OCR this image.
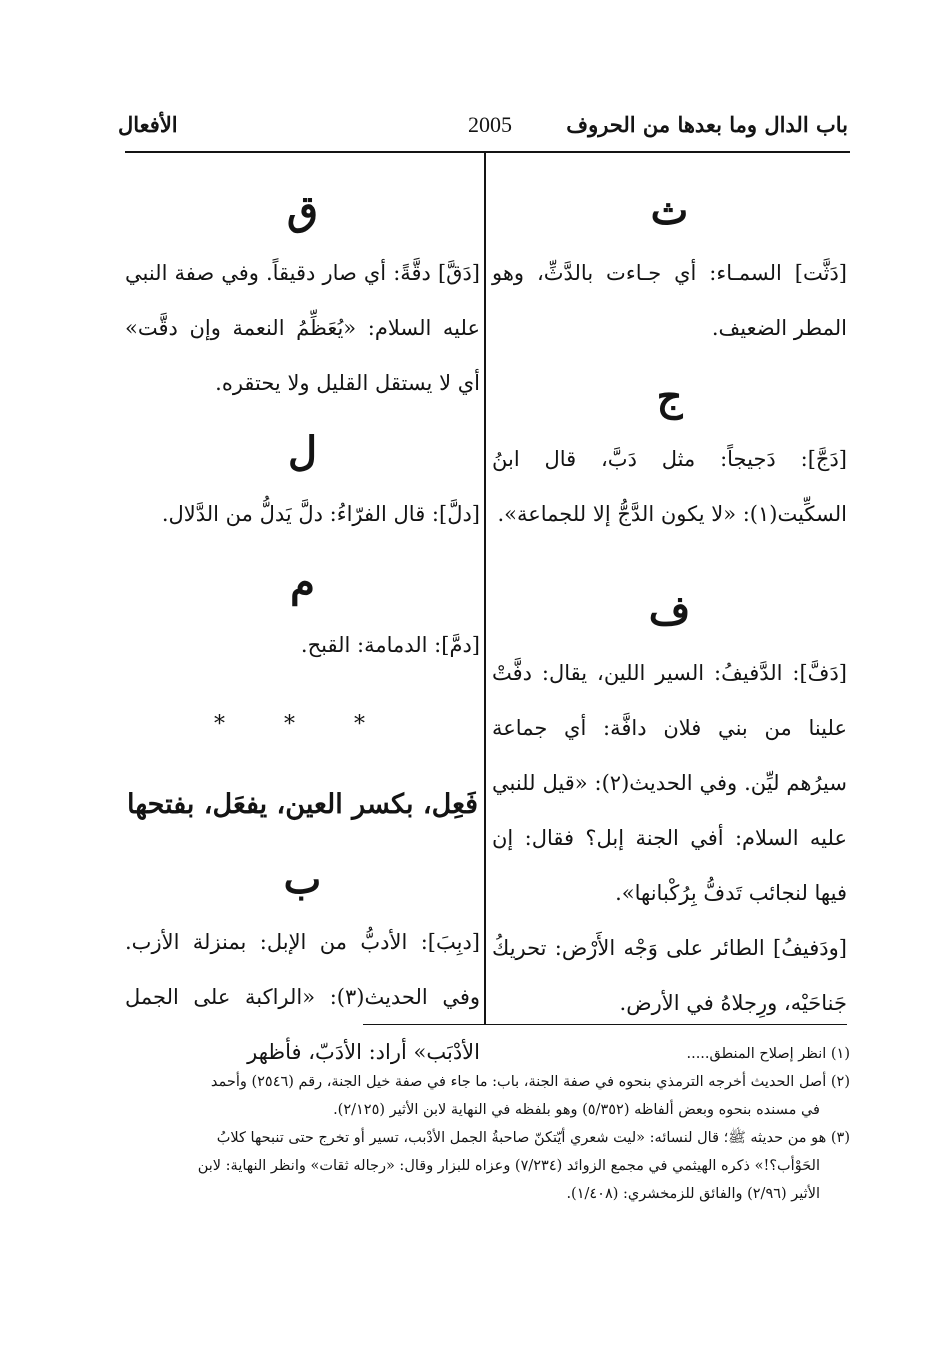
باب الدال وما بعدها من الحروف
2005
الأفعال
ث

[دَثَّت] السمـاء: أي جـاءت بالدَّثِّ، وهو المطر الضعيف.

ج

[دَجَّ]: دَجيجاً: مثل دَبَّ، قال ابنُ السكِّيت(١): «لا يكون الدَّجُّ إلا للجماعة».

ف

[دَفَّ]: الدَّفيفُ: السير اللين، يقال: دفَّتْ علينا من بني فلان دافَّة: أي جماعة سيرُهم ليِّن. وفي الحديث(٢): «قيل للنبي عليه السلام: أفي الجنة إبل؟ فقال: إن فيها لنجائب تَدفُّ بِرُكْبانها».

[ودَفيفُ] الطائر على وَجْه الأَرْض: تحريكُ جَناحَيْه، ورِجلاهُ في الأرض.

ق

[دَقَّ] دقَّةً: أي صار دقيقاً. وفي صفة النبي عليه السلام: «يُعَظِّمُ النعمة وإن دقَّت» أي لا يستقل القليل ولا يحتقره.

ل

[دلَّ]: قال الفرّاءُ: دلَّ يَدلُّ من الدَّلال.

م

[دمَّ]: الدمامة: القبح.

* * *
فَعِل، بكسر العين، يفعَل، بفتحها
ب

[دبِبَ]: الأدبُّ من الإبل: بمنزلة الأزب. وفي الحديث(٣): «الراكبة على الجمل الأدْبَب» أراد: الأدَبّ، فأظهر	(١) انظر إصلاح المنطق.....

(٢) أصل الحديث أخرجه الترمذي بنحوه في صفة الجنة، باب: ما جاء في صفة خيل الجنة، رقم (٢٥٤٦) وأحمد

في مسنده بنحوه وبعض ألفاظه (٥/٣٥٢) وهو بلفظه في النهاية لابن الأثير (٢/١٢٥).

(٣) هو من حديثه ﷺ؛ قال لنسائه: «ليت شعري أيّتكنّ صاحبةُ الجمل الأدْبب، تسير أو تخرج حتى تنبحها كلابُ

الحَوْأب؟!» ذكره الهيثمي في مجمع الزوائد (٧/٢٣٤) وعزاه للبزار وقال: «رجاله ثقات» وانظر النهاية: لابن

الأثير (٢/٩٦) والفائق للزمخشري: (١/٤٠٨).
